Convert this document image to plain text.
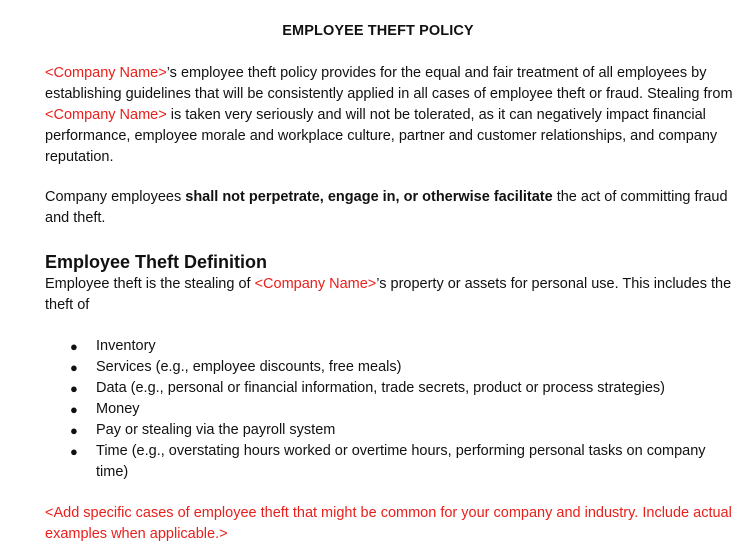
EMPLOYEE THEFT POLICY

<Company Name>’s employee theft policy provides for the equal and fair treatment of all employees by establishing guidelines that will be consistently applied in all cases of employee theft or fraud. Stealing from <Company Name> is taken very seriously and will not be tolerated, as it can negatively impact financial performance, employee morale and workplace culture, partner and customer relationships, and company reputation.

Company employees shall not perpetrate, engage in, or otherwise facilitate the act of committing fraud and theft.

Employee Theft Definition

Employee theft is the stealing of <Company Name>’s property or assets for personal use. This includes the theft of

● Inventory
● Services (e.g., employee discounts, free meals)
● Data (e.g., personal or financial information, trade secrets, product or process strategies)
● Money
● Pay or stealing via the payroll system
● Time (e.g., overstating hours worked or overtime hours, performing personal tasks on company time)

<Add specific cases of employee theft that might be common for your company and industry. Include actual examples when applicable.>
